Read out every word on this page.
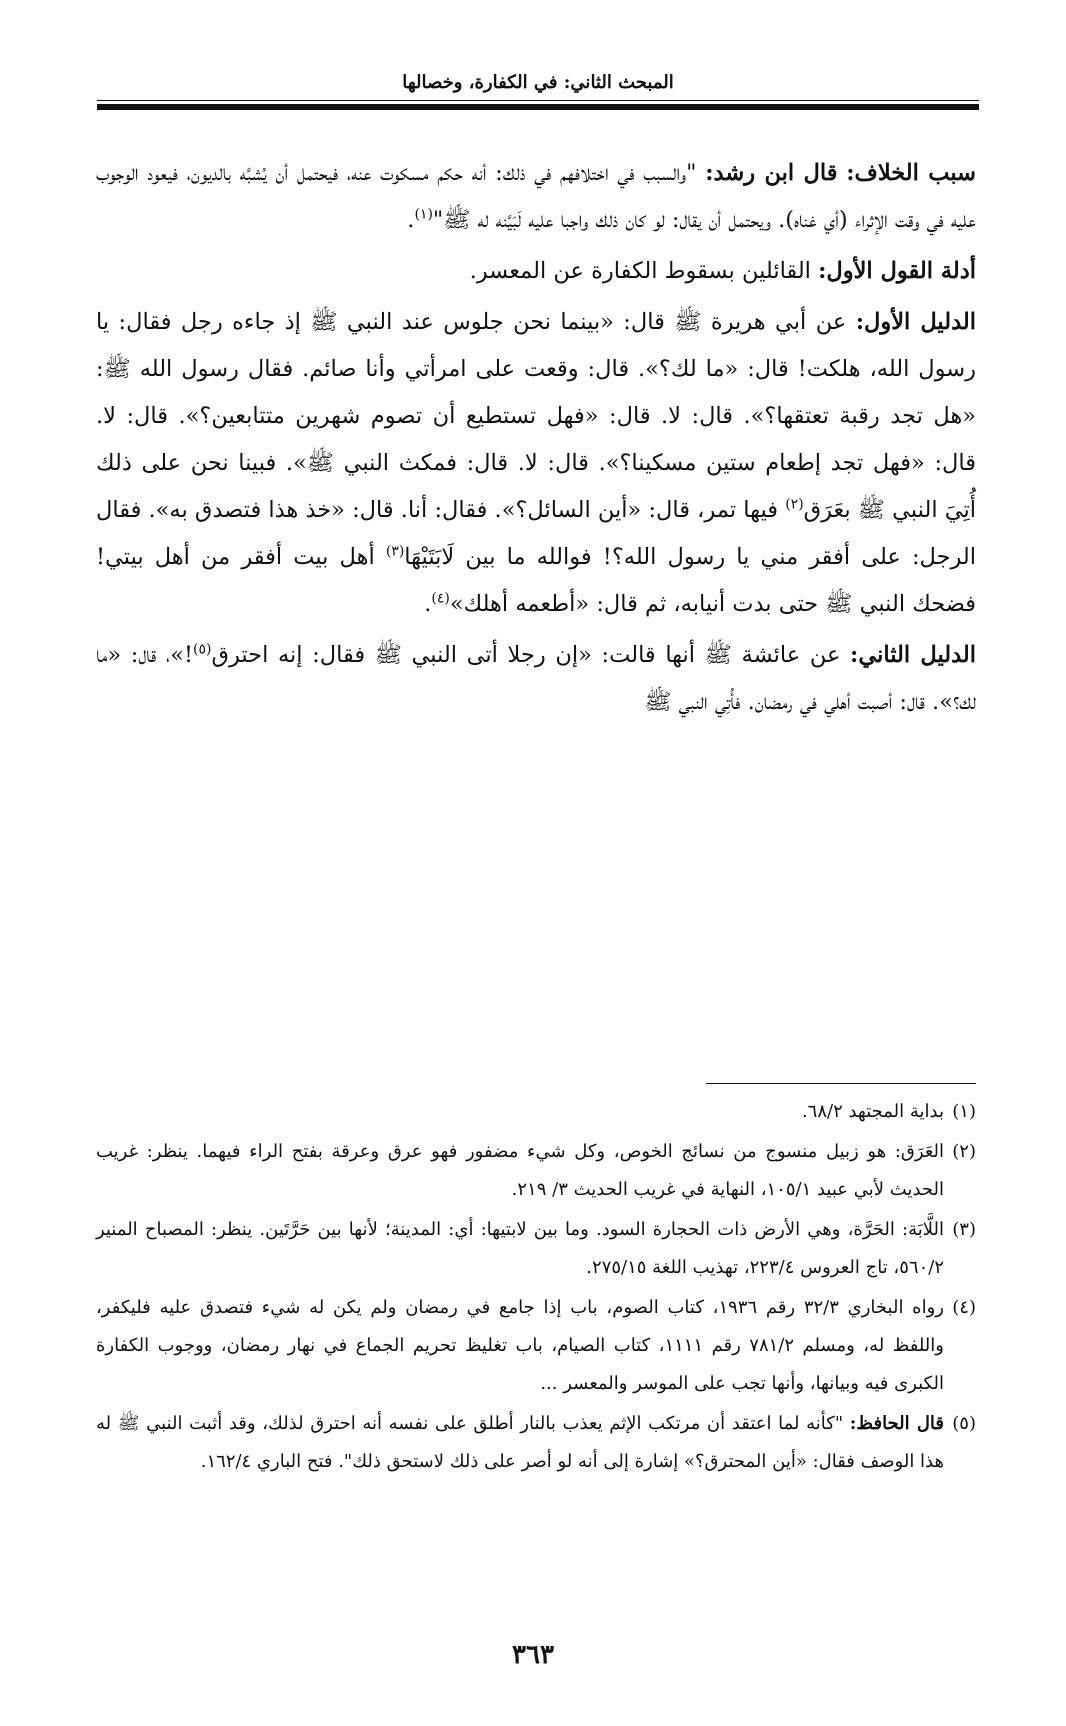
المبحث الثاني: في الكفارة، وخصالها

سبب الخلاف: قال ابن رشد: "والسبب في اختلافهم في ذلك: أنه حكم مسكوت عنه، فيحتمل أن يُشبَّه بالديون، فيعود الوجوب عليه في وقت الإثراء (أي غناه). ويحتمل أن يقال: لو كان ذلك واجبا عليه لَبَيَّنه له ﷺ"$^{(١)}$.

أدلة القول الأول: القائلين بسقوط الكفارة عن المعسر.

الدليل الأول: عن أبي هريرة ﷺ قال: «بينما نحن جلوس عند النبي ﷺ إذ جاءه رجل فقال: يا رسول الله، هلكت! قال: «ما لك؟». قال: وقعت على امرأتي وأنا صائم. فقال رسول الله ﷺ: «هل تجد رقبة تعتقها؟». قال: لا. قال: «فهل تستطيع أن تصوم شهرين متتابعين؟». قال: لا. قال: «فهل تجد إطعام ستين مسكينا؟». قال: لا. قال: فمكث النبي ﷺ». فبينا نحن على ذلك أُتِيَ النبي ﷺ بعَرَق$^{(٢)}$ فيها تمر، قال: «أين السائل؟». فقال: أنا. قال: «خذ هذا فتصدق به». فقال الرجل: على أفقر مني يا رسول الله؟! فوالله ما بين لَابَتَيْهَا$^{(٣)}$ أهل بيت أفقر من أهل بيتي! فضحك النبي ﷺ حتى بدت أنيابه، ثم قال: «أطعمه أهلك»$^{(٤)}$.

الدليل الثاني: عن عائشة ﷺ أنها قالت: «إن رجلا أتى النبي ﷺ فقال: إنه احترق$^{(٥)}$!»، قال: «ما لك؟». قال: أصبت أهلي في رمضان. فأُتِي النبي ﷺ

(١)
بداية المجتهد ٦٨/٢.
(٢)
العَرَق: هو زبيل منسوج من نسائج الخوص، وكل شيء مضفور فهو عرق وعرقة بفتح الراء فيهما. ينظر: غريب الحديث لأبي عبيد ١٠٥/١، النهاية في غريب الحديث ٣/ ٢١٩.
(٣)
اللَّابَة: الحَرَّة، وهي الأرض ذات الحجارة السود. وما بين لابتيها: أي: المدينة؛ لأنها بين حَرَّتَين. ينظر: المصباح المنير ٥٦٠/٢، تاج العروس ٢٢٣/٤، تهذيب اللغة ٢٧٥/١٥.
(٤)
رواه البخاري ٣٢/٣ رقم ١٩٣٦، كتاب الصوم، باب إذا جامع في رمضان ولم يكن له شيء فتصدق عليه فليكفر، واللفظ له، ومسلم ٧٨١/٢ رقم ١١١١، كتاب الصيام، باب تغليظ تحريم الجماع في نهار رمضان، ووجوب الكفارة الكبرى فيه وبيانها، وأنها تجب على الموسر والمعسر ...
(٥)
قال الحافظ: "كأنه لما اعتقد أن مرتكب الإثم يعذب بالنار أطلق على نفسه أنه احترق لذلك، وقد أثبت النبي ﷺ له هذا الوصف فقال: «أين المحترق؟» إشارة إلى أنه لو أصر على ذلك لاستحق ذلك". فتح الباري ١٦٢/٤.
٣٦٣
